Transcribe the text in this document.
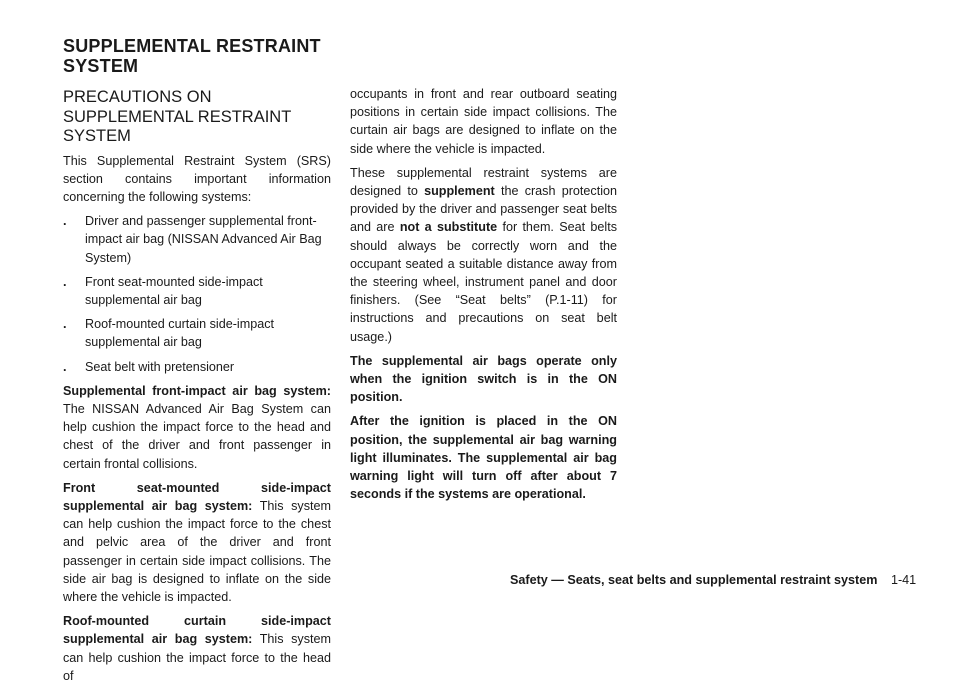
SUPPLEMENTAL RESTRAINT SYSTEM
PRECAUTIONS ON SUPPLEMENTAL RESTRAINT SYSTEM

This Supplemental Restraint System (SRS) section contains important information concerning the following systems:

.	Driver and passenger supplemental front-impact air bag (NISSAN Advanced Air Bag System)
.	Front seat-mounted side-impact supplemental air bag
.	Roof-mounted curtain side-impact supplemental air bag
.	Seat belt with pretensioner

Supplemental front-impact air bag system: The NISSAN Advanced Air Bag System can help cushion the impact force to the head and chest of the driver and front passenger in certain frontal collisions.

Front seat-mounted side-impact supplemental air bag system: This system can help cushion the impact force to the chest and pelvic area of the driver and front passenger in certain side impact collisions. The side air bag is designed to inflate on the side where the vehicle is impacted.

Roof-mounted curtain side-impact supplemental air bag system: This system can help cushion the impact force to the head of

occupants in front and rear outboard seating positions in certain side impact collisions. The curtain air bags are designed to inflate on the side where the vehicle is impacted.

These supplemental restraint systems are designed to supplement the crash protection provided by the driver and passenger seat belts and are not a substitute for them. Seat belts should always be correctly worn and the occupant seated a suitable distance away from the steering wheel, instrument panel and door finishers. (See “Seat belts” (P.1-11) for instructions and precautions on seat belt usage.)

The supplemental air bags operate only when the ignition switch is in the ON position.

After the ignition is placed in the ON position, the supplemental air bag warning light illuminates. The supplemental air bag warning light will turn off after about 7 seconds if the systems are operational.

Safety — Seats, seat belts and supplemental restraint system 1-41
